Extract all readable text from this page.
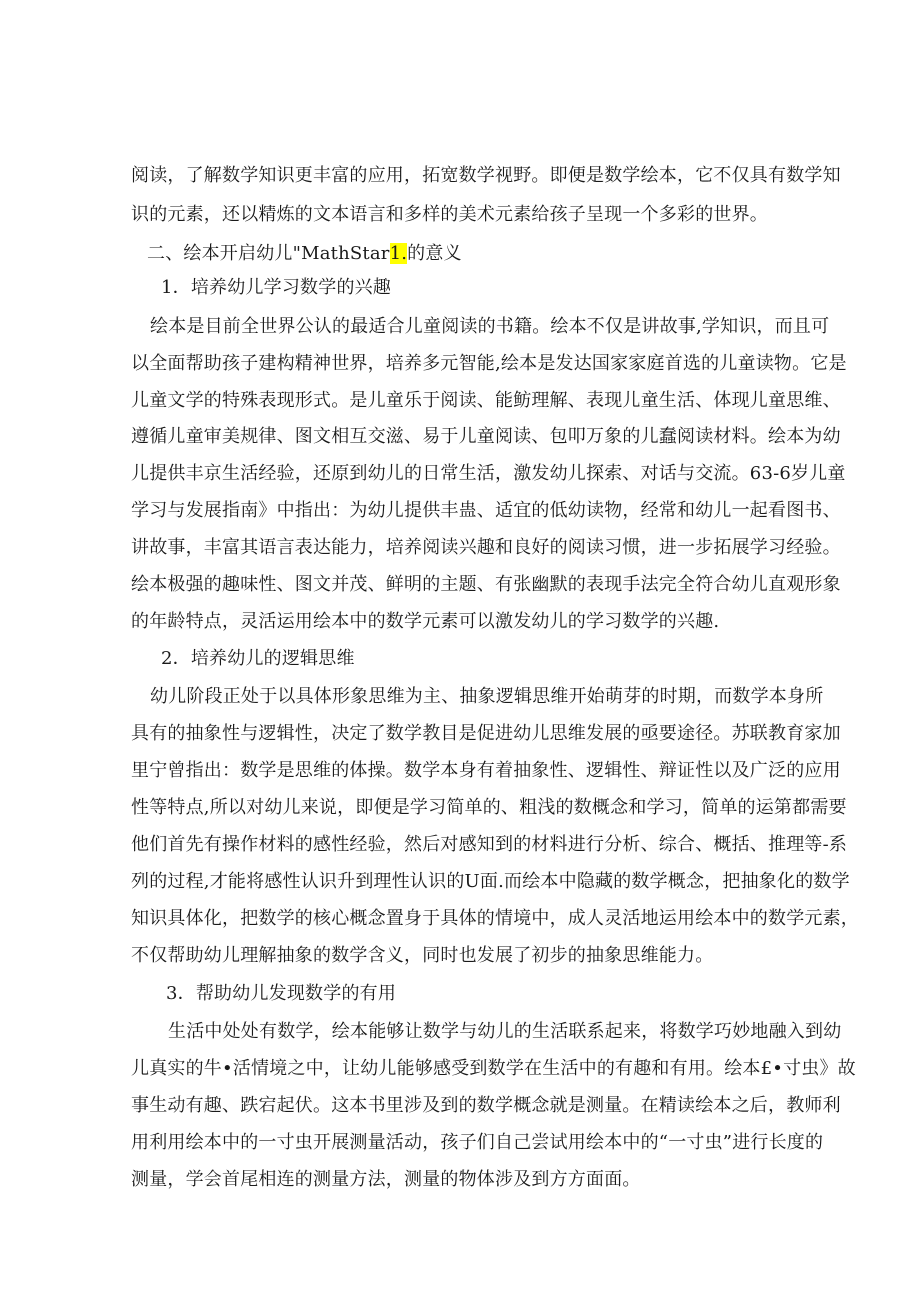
阅读，了解数学知识更丰富的应用，拓宽数学视野。即便是数学绘本，它不仅具有数学知
识的元素，还以精炼的文本语言和多样的美术元素给孩子呈现一个多彩的世界。
二、绘本开启幼儿"MathStar1.的意义
1．培养幼儿学习数学的兴趣
绘本是目前全世界公认的最适合儿童阅读的书籍。绘本不仅是讲故事,学知识，而且可
以全面帮助孩子建构精神世界，培养多元智能,绘本是发达国家家庭首选的儿童读物。它是
儿童文学的特殊表现形式。是儿童乐于阅读、能鲂理解、表现儿童生活、体现儿童思维、
遵循儿童审美规律、图文相互交滋、易于儿童阅读、包叩万象的儿蠢阅读材料。绘本为幼
儿提供丰京生活经验，还原到幼儿的日常生活，激发幼儿探索、对话与交流。63-6岁儿童
学习与发展指南》中指出：为幼儿提供丰蛊、适宜的低幼读物，经常和幼儿一起看图书、
讲故事，丰富其语言表达能力，培养阅读兴趣和良好的阅读习惯，进一步拓展学习经验。
绘本极强的趣味性、图文并茂、鲜明的主题、有张幽默的表现手法完全符合幼儿直观形象
的年龄特点，灵活运用绘本中的数学元素可以激发幼儿的学习数学的兴趣.
2．培养幼儿的逻辑思维
幼儿阶段正处于以具体形象思维为主、抽象逻辑思维开始萌芽的时期，而数学本身所
具有的抽象性与逻辑性，决定了数学教目是促进幼儿思维发展的亟要途径。苏联教育家加
里宁曾指出：数学是思维的体操。数学本身有着抽象性、逻辑性、辩证性以及广泛的应用
性等特点,所以对幼儿来说，即便是学习简单的、粗浅的数概念和学习，简单的运第都需要
他们首先有操作材料的感性经验，然后对感知到的材料进行分析、综合、概括、推理等-系
列的过程,才能将感性认识升到理性认识的U面.而绘本中隐藏的数学概念，把抽象化的数学
知识具体化，把数学的核心概念置身于具体的情境中，成人灵活地运用绘本中的数学元素，
不仅帮助幼儿理解抽象的数学含义，同时也发展了初步的抽象思维能力。
3．帮助幼儿发现数学的有用
生活中处处有数学，绘本能够让数学与幼儿的生活联系起来，将数学巧妙地融入到幼
儿真实的牛•活情境之中，让幼儿能够感受到数学在生活中的有趣和有用。绘本£•寸虫》故
事生动有趣、跌宕起伏。这本书里涉及到的数学概念就是测量。在精读绘本之后，教师利
用利用绘本中的一寸虫开展测量活动，孩子们自己尝试用绘本中的“一寸虫”进行长度的
测量，学会首尾相连的测量方法，测量的物体涉及到方方面面。
